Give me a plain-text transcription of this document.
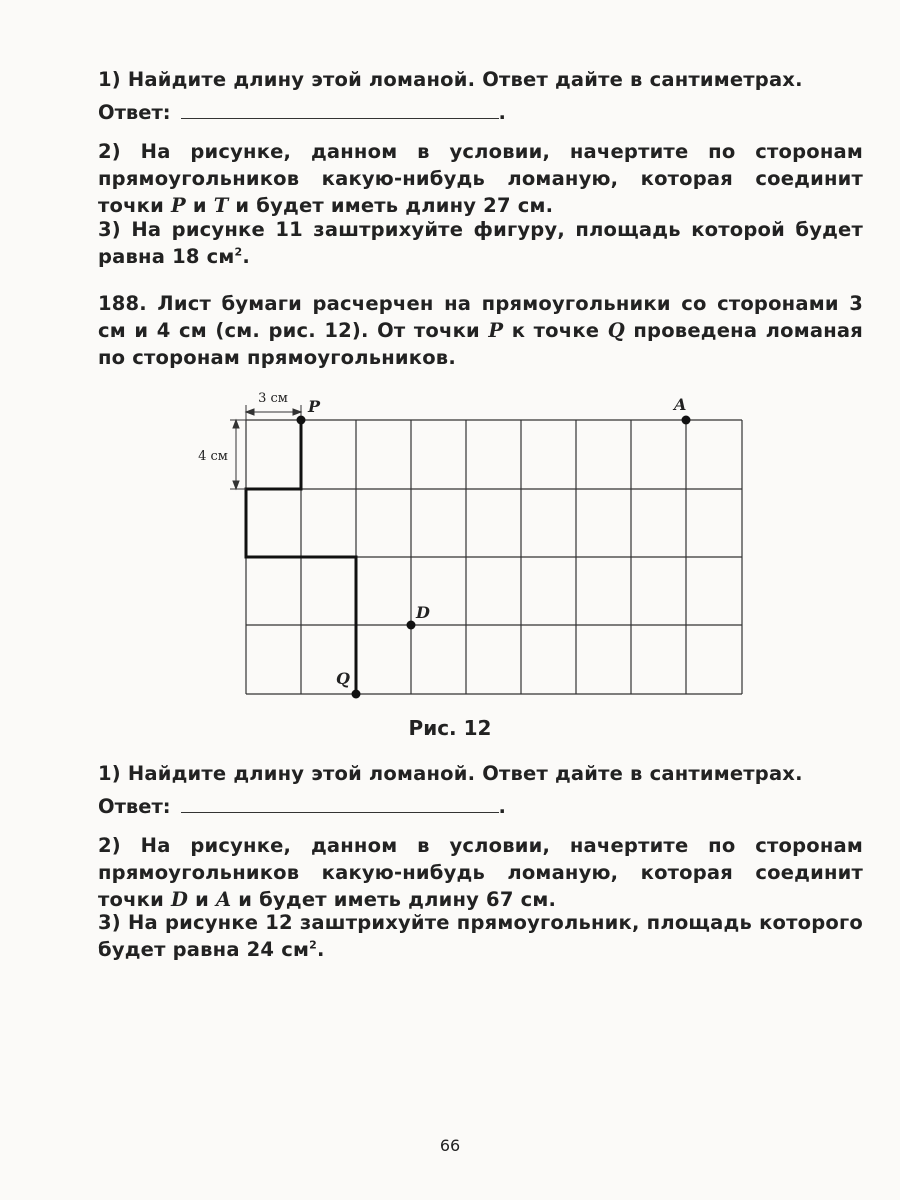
1) Найдите длину этой ломаной. Ответ дайте в сантиметрах.
Ответ:	.
2) На рисунке, данном в условии, начертите по сторонам прямоугольников какую-нибудь ломаную, которая соединит точки P и T и будет иметь длину 27 см.
3) На рисунке 11 заштрихуйте фигуру, площадь которой будет равна 18 $см^2$.
188. Лист бумаги расчерчен на прямоугольники со сторонами 3 см и 4 см (см. рис. 12). От точки P к точке Q проведена ломаная по сторонам прямоугольников.
3 см
4 см
P	A
D
Q
Рис. 12
1) Найдите длину этой ломаной. Ответ дайте в сантиметрах.
Ответ:	.
2) На рисунке, данном в условии, начертите по сторонам прямоугольников какую-нибудь ломаную, которая соединит точки D и A и будет иметь длину 67 см.
3) На рисунке 12 заштрихуйте прямоугольник, площадь которого будет равна 24 $см^2$.
66
